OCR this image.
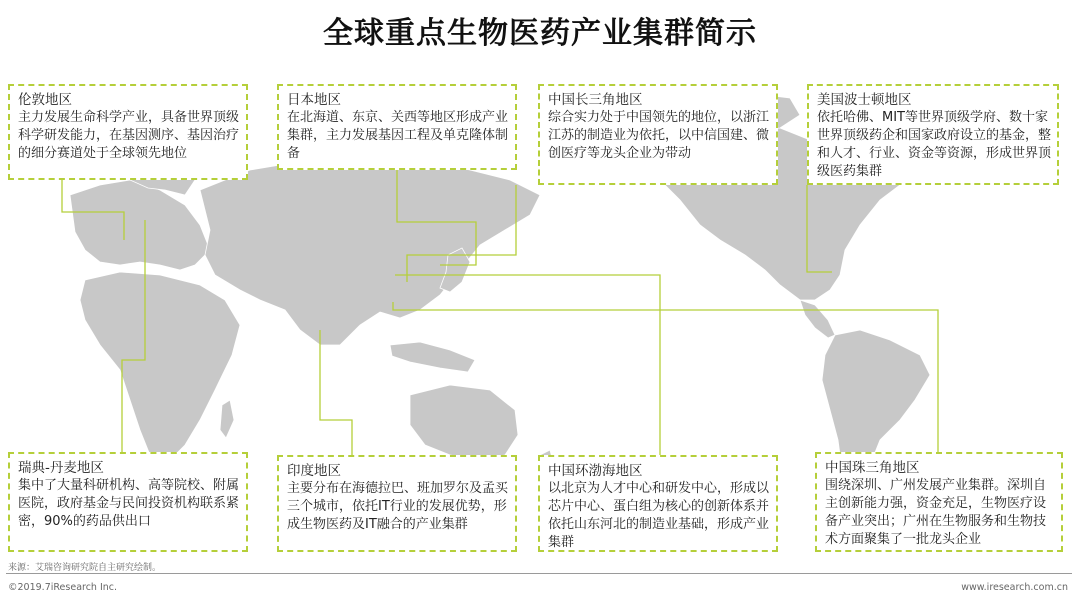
全球重点生物医药产业集群简示
伦敦地区
主力发展生命科学产业，具备世界顶级科学研发能力，在基因测序、基因治疗的细分赛道处于全球领先地位
日本地区
在北海道、东京、关西等地区形成产业集群，主力发展基因工程及单克隆体制备
中国长三角地区
综合实力处于中国领先的地位，以浙江江苏的制造业为依托，以中信国建、微创医疗等龙头企业为带动
美国波士顿地区
依托哈佛、MIT等世界顶级学府、数十家世界顶级药企和国家政府设立的基金，整和人才、行业、资金等资源，形成世界顶级医药集群
瑞典-丹麦地区
集中了大量科研机构、高等院校、附属医院，政府基金与民间投资机构联系紧密，90%的药品供出口
印度地区
主要分布在海德拉巴、班加罗尔及孟买三个城市，依托IT行业的发展优势，形成生物医药及IT融合的产业集群
中国环渤海地区
以北京为人才中心和研发中心，形成以芯片中心、蛋白组为核心的创新体系并依托山东河北的制造业基础，形成产业集群
中国珠三角地区
围绕深圳、广州发展产业集群。深圳自主创新能力强，资金充足，生物医疗设备产业突出；广州在生物服务和生物技术方面聚集了一批龙头企业
来源：艾瑞咨询研究院自主研究绘制。
©2019.7iResearch Inc.	www.iresearch.com.cn
